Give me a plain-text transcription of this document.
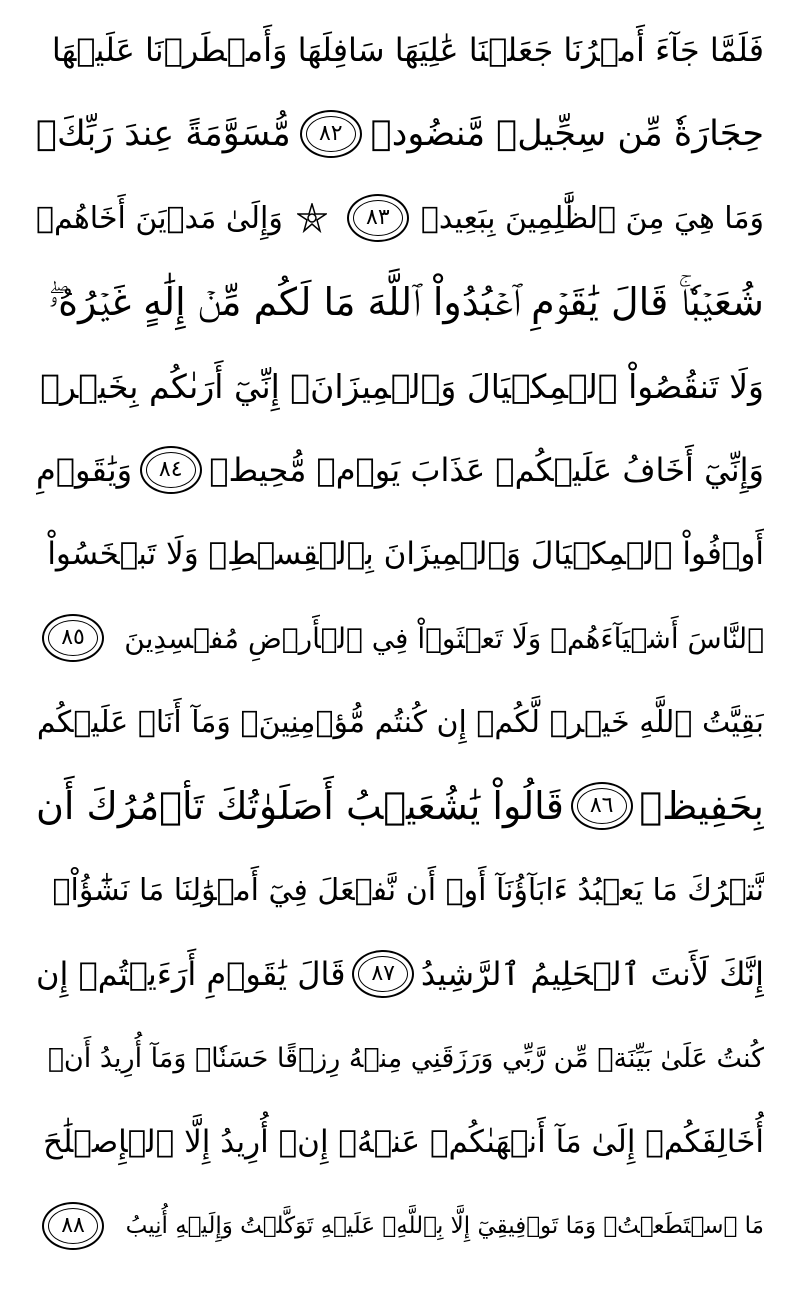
فَلَمَّا جَآءَ أَمۡرُنَا جَعَلۡنَا عَٰلِيَهَا سَافِلَهَا وَأَمۡطَرۡنَا عَلَيۡهَا
حِجَارَةٗ مِّن سِجِّيلٖ مَّنضُودٖ
٨٢
مُّسَوَّمَةً عِندَ رَبِّكَۖ
وَمَا هِيَ مِنَ ٱلظَّٰلِمِينَ بِبَعِيدٖ
٨٣
وَإِلَىٰ مَدۡيَنَ أَخَاهُمۡ
شُعَيۡبٗاۚ قَالَ يَٰقَوۡمِ ٱعۡبُدُواْ ٱللَّهَ مَا لَكُم مِّنۡ إِلَٰهٍ غَيۡرُهُۥۖ
وَلَا تَنقُصُواْ ٱلۡمِكۡيَالَ وَٱلۡمِيزَانَۚ إِنِّيٓ أَرَىٰكُم بِخَيۡرٖ
وَإِنِّيٓ أَخَافُ عَلَيۡكُمۡ عَذَابَ يَوۡمٖ مُّحِيطٖ
٨٤
وَيَٰقَوۡمِ
أَوۡفُواْ ٱلۡمِكۡيَالَ وَٱلۡمِيزَانَ بِٱلۡقِسۡطِۖ وَلَا تَبۡخَسُواْ
ٱلنَّاسَ أَشۡيَآءَهُمۡ وَلَا تَعۡثَوۡاْ فِي ٱلۡأَرۡضِ مُفۡسِدِينَ
٨٥
بَقِيَّتُ ٱللَّهِ خَيۡرٞ لَّكُمۡ إِن كُنتُم مُّؤۡمِنِينَۚ وَمَآ أَنَا۠ عَلَيۡكُم
بِحَفِيظٖ
٨٦
قَالُواْ يَٰشُعَيۡبُ أَصَلَوٰتُكَ تَأۡمُرُكَ أَن
نَّتۡرُكَ مَا يَعۡبُدُ ءَابَآؤُنَآ أَوۡ أَن نَّفۡعَلَ فِيٓ أَمۡوَٰلِنَا مَا نَشَٰٓؤُاْۖ
إِنَّكَ لَأَنتَ ٱلۡحَلِيمُ ٱلرَّشِيدُ
٨٧
قَالَ يَٰقَوۡمِ أَرَءَيۡتُمۡ إِن
كُنتُ عَلَىٰ بَيِّنَةٖ مِّن رَّبِّي وَرَزَقَنِي مِنۡهُ رِزۡقًا حَسَنٗاۚ وَمَآ أُرِيدُ أَنۡ
أُخَالِفَكُمۡ إِلَىٰ مَآ أَنۡهَىٰكُمۡ عَنۡهُۚ إِنۡ أُرِيدُ إِلَّا ٱلۡإِصۡلَٰحَ
مَا ٱسۡتَطَعۡتُۚ وَمَا تَوۡفِيقِيٓ إِلَّا بِٱللَّهِۚ عَلَيۡهِ تَوَكَّلۡتُ وَإِلَيۡهِ أُنِيبُ
٨٨
